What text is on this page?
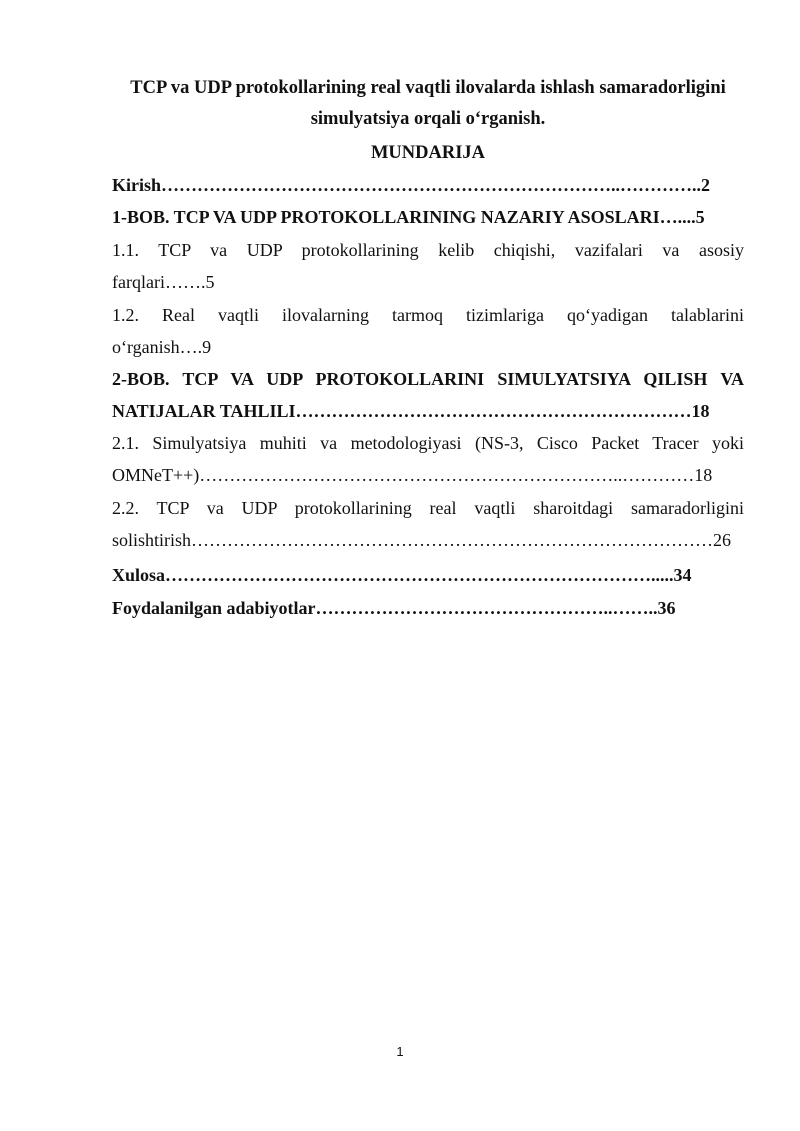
TCP va UDP protokollarining real vaqtli ilovalarda ishlash samaradorligini
simulyatsiya orqali o‘rganish.
MUNDARIJA
Kirish…………………………………………………………………..…………..2
1-BOB. TCP VA UDP PROTOKOLLARINING NAZARIY ASOSLARI…....5
1.1. TCP va UDP protokollarining kelib chiqishi, vazifalari va asosiy
farqlari…….5
1.2. Real vaqtli ilovalarning tarmoq tizimlariga qo‘yadigan talablarini
o‘rganish….9
2-BOB. TCP VA UDP PROTOKOLLARINI SIMULYATSIYA QILISH VA
NATIJALAR TAHLILI…………………………………………………………18
2.1. Simulyatsiya muhiti va metodologiyasi (NS-3, Cisco Packet Tracer yoki
OMNeT++)……………………………………………………………..…………18
2.2. TCP va UDP protokollarining real vaqtli sharoitdagi samaradorligini
solishtirish……………………………………………………………………………26
Xulosa……………………………………………………………………….....34
Foydalanilgan adabiyotlar…………………………………………..……..36
1
